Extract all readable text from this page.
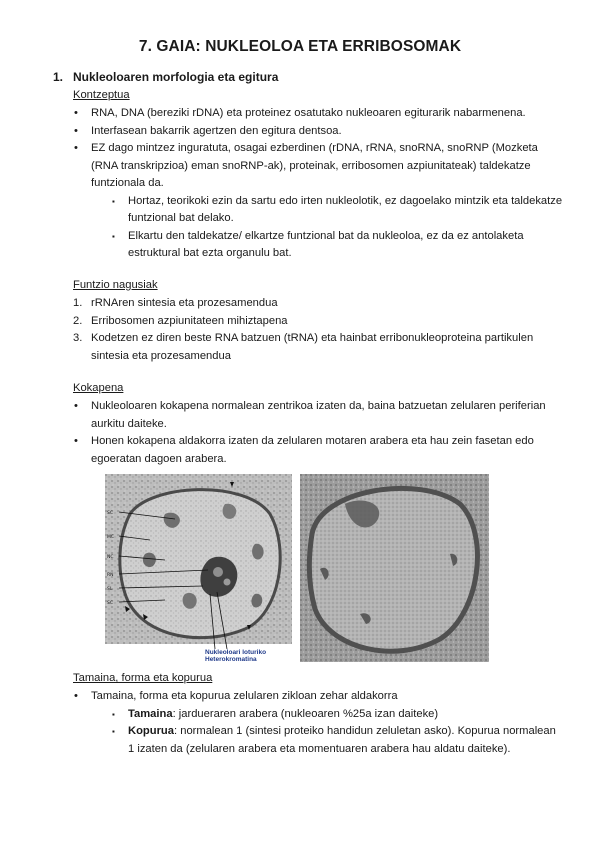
7. GAIA: NUKLEOLOA ETA ERRIBOSOMAK
1. Nukleoloaren morfologia eta egitura
Kontzeptua
• RNA, DNA (bereziki rDNA) eta proteinez osatutako nukleoaren egiturarik nabarmenena.
• Interfasean bakarrik agertzen den egitura dentsoa.
• EZ dago mintzez inguratuta, osagai ezberdinen (rDNA, rRNA, snoRNA, snoRNP (Mozketa (RNA transkripzioa) eman snoRNP-ak), proteinak, erribosomen azpiunitateak) taldekatze funtzionala da.
▪ Hortaz, teorikoki ezin da sartu edo irten nukleolotik, ez dagoelako mintzik eta taldekatze funtzional bat delako.
▪ Elkartu den taldekatze/ elkartze funtzional bat da nukleoloa, ez da ez antolaketa estruktural bat ezta organulu bat.
Funtzio nagusiak
1. rRNAren sintesia eta prozesamendua
2. Erribosomen azpiunitateen mihiztapena
3. Kodetzen ez diren beste RNA batzuen (tRNA) eta hainbat erribonukleoproteina partikulen sintesia eta prozesamendua
Kokapena
• Nukleoloaren kokapena normalean zentrikoa izaten da, baina batzuetan zelularen periferian aurkitu daiteke.
• Honen kokapena aldakorra izaten da zelularen motaren arabera eta hau zein fasetan edo egoeratan dagoen arabera.
SC
MC
NC
RN
SL
SC
Nukleoloari loturiko
Heterokromatina
Tamaina, forma eta kopurua
• Tamaina, forma eta kopurua zelularen zikloan zehar aldakorra
▪ Tamaina: jardueraren arabera (nukleoaren %25a izan daiteke)
▪ Kopurua: normalean 1 (sintesi proteiko handidun zeluletan asko). Kopurua normalean 1 izaten da (zelularen arabera eta momentuaren arabera hau aldatu daiteke).
